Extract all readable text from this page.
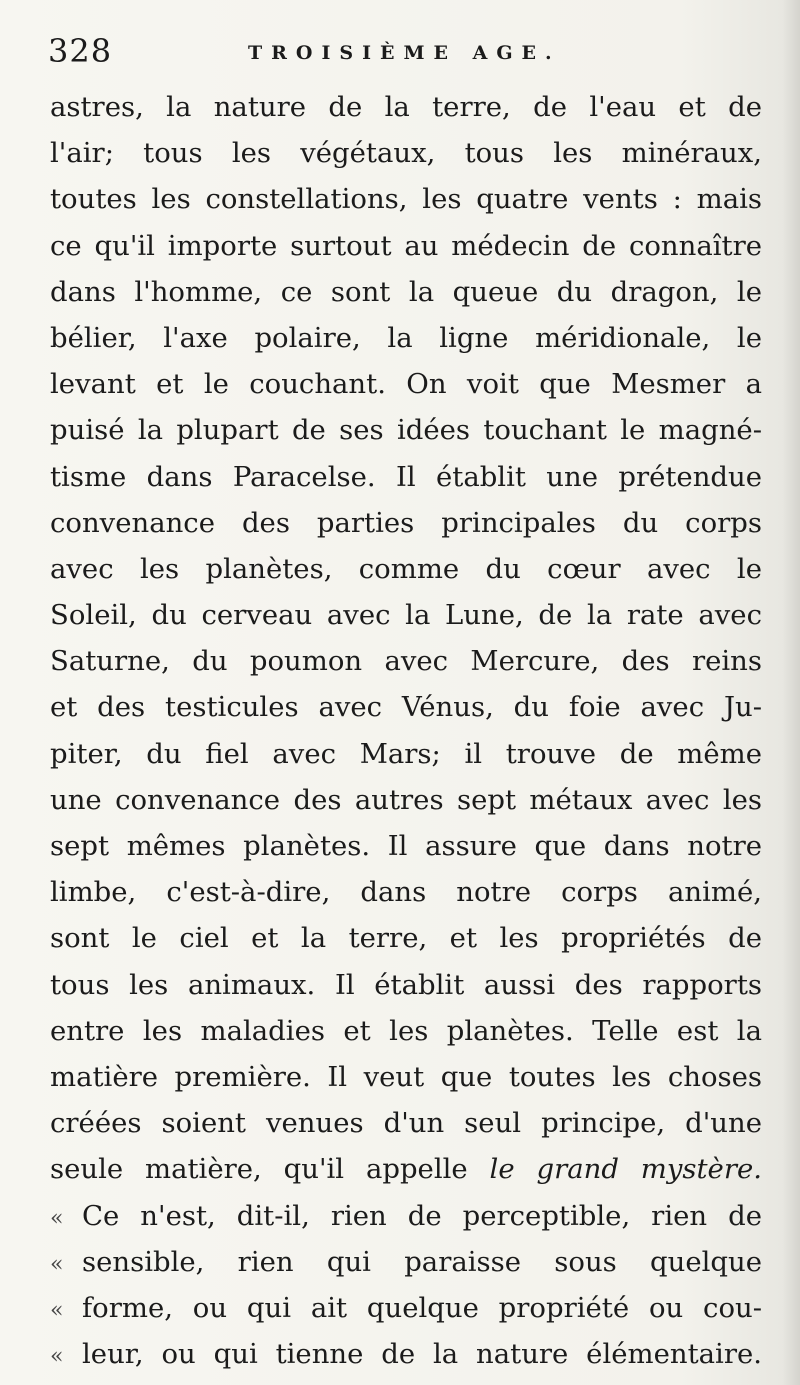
328	TROISIÈME AGE.
astres, la nature de la terre, de l'eau et de
l'air; tous les végétaux, tous les minéraux,
toutes les constellations, les quatre vents : mais
ce qu'il importe surtout au médecin de connaître
dans l'homme, ce sont la queue du dragon, le
bélier, l'axe polaire, la ligne méridionale, le
levant et le couchant. On voit que Mesmer a
puisé la plupart de ses idées touchant le magné-
tisme dans Paracelse. Il établit une prétendue
convenance des parties principales du corps
avec les planètes, comme du cœur avec le
Soleil, du cerveau avec la Lune, de la rate avec
Saturne, du poumon avec Mercure, des reins
et des testicules avec Vénus, du foie avec Ju-
piter, du fiel avec Mars; il trouve de même
une convenance des autres sept métaux avec les
sept mêmes planètes. Il assure que dans notre
limbe, c'est-à-dire, dans notre corps animé,
sont le ciel et la terre, et les propriétés de
tous les animaux. Il établit aussi des rapports
entre les maladies et les planètes. Telle est la
matière première. Il veut que toutes les choses
créées soient venues d'un seul principe, d'une
seule matière, qu'il appelle le grand mystère.
« Ce n'est, dit-il, rien de perceptible, rien de
« sensible, rien qui paraisse sous quelque
« forme, ou qui ait quelque propriété ou cou-
« leur, ou qui tienne de la nature élémentaire.
